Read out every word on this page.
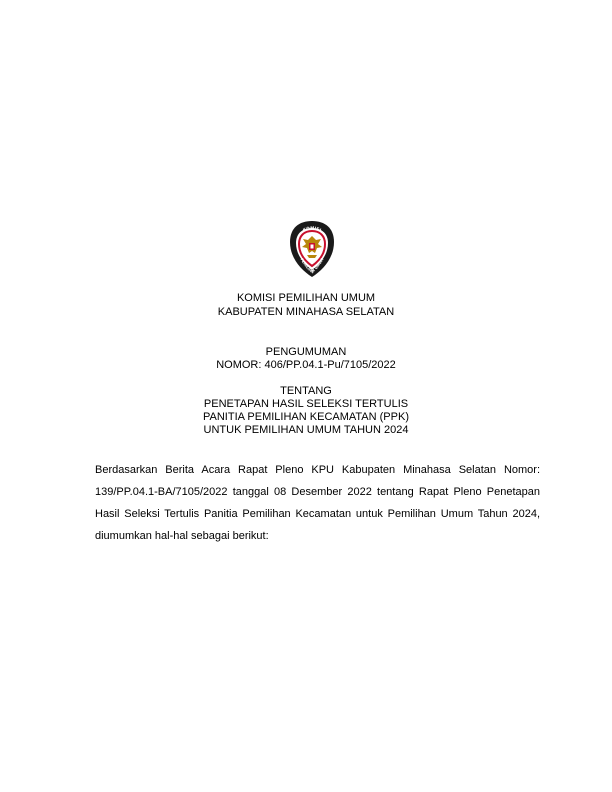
KOMISI
PEMILIHAN UMUM
KOMISI PEMILIHAN UMUM
KABUPATEN MINAHASA SELATAN
PENGUMUMAN
NOMOR: 406/PP.04.1-Pu/7105/2022
TENTANG
PENETAPAN HASIL SELEKSI TERTULIS
PANITIA PEMILIHAN KECAMATAN (PPK)
UNTUK PEMILIHAN UMUM TAHUN 2024
Berdasarkan Berita Acara Rapat Pleno KPU Kabupaten Minahasa Selatan Nomor:
139/PP.04.1-BA/7105/2022 tanggal 08 Desember 2022 tentang Rapat Pleno Penetapan
Hasil Seleksi Tertulis Panitia Pemilihan Kecamatan untuk Pemilihan Umum Tahun 2024,
diumumkan hal-hal sebagai berikut:
